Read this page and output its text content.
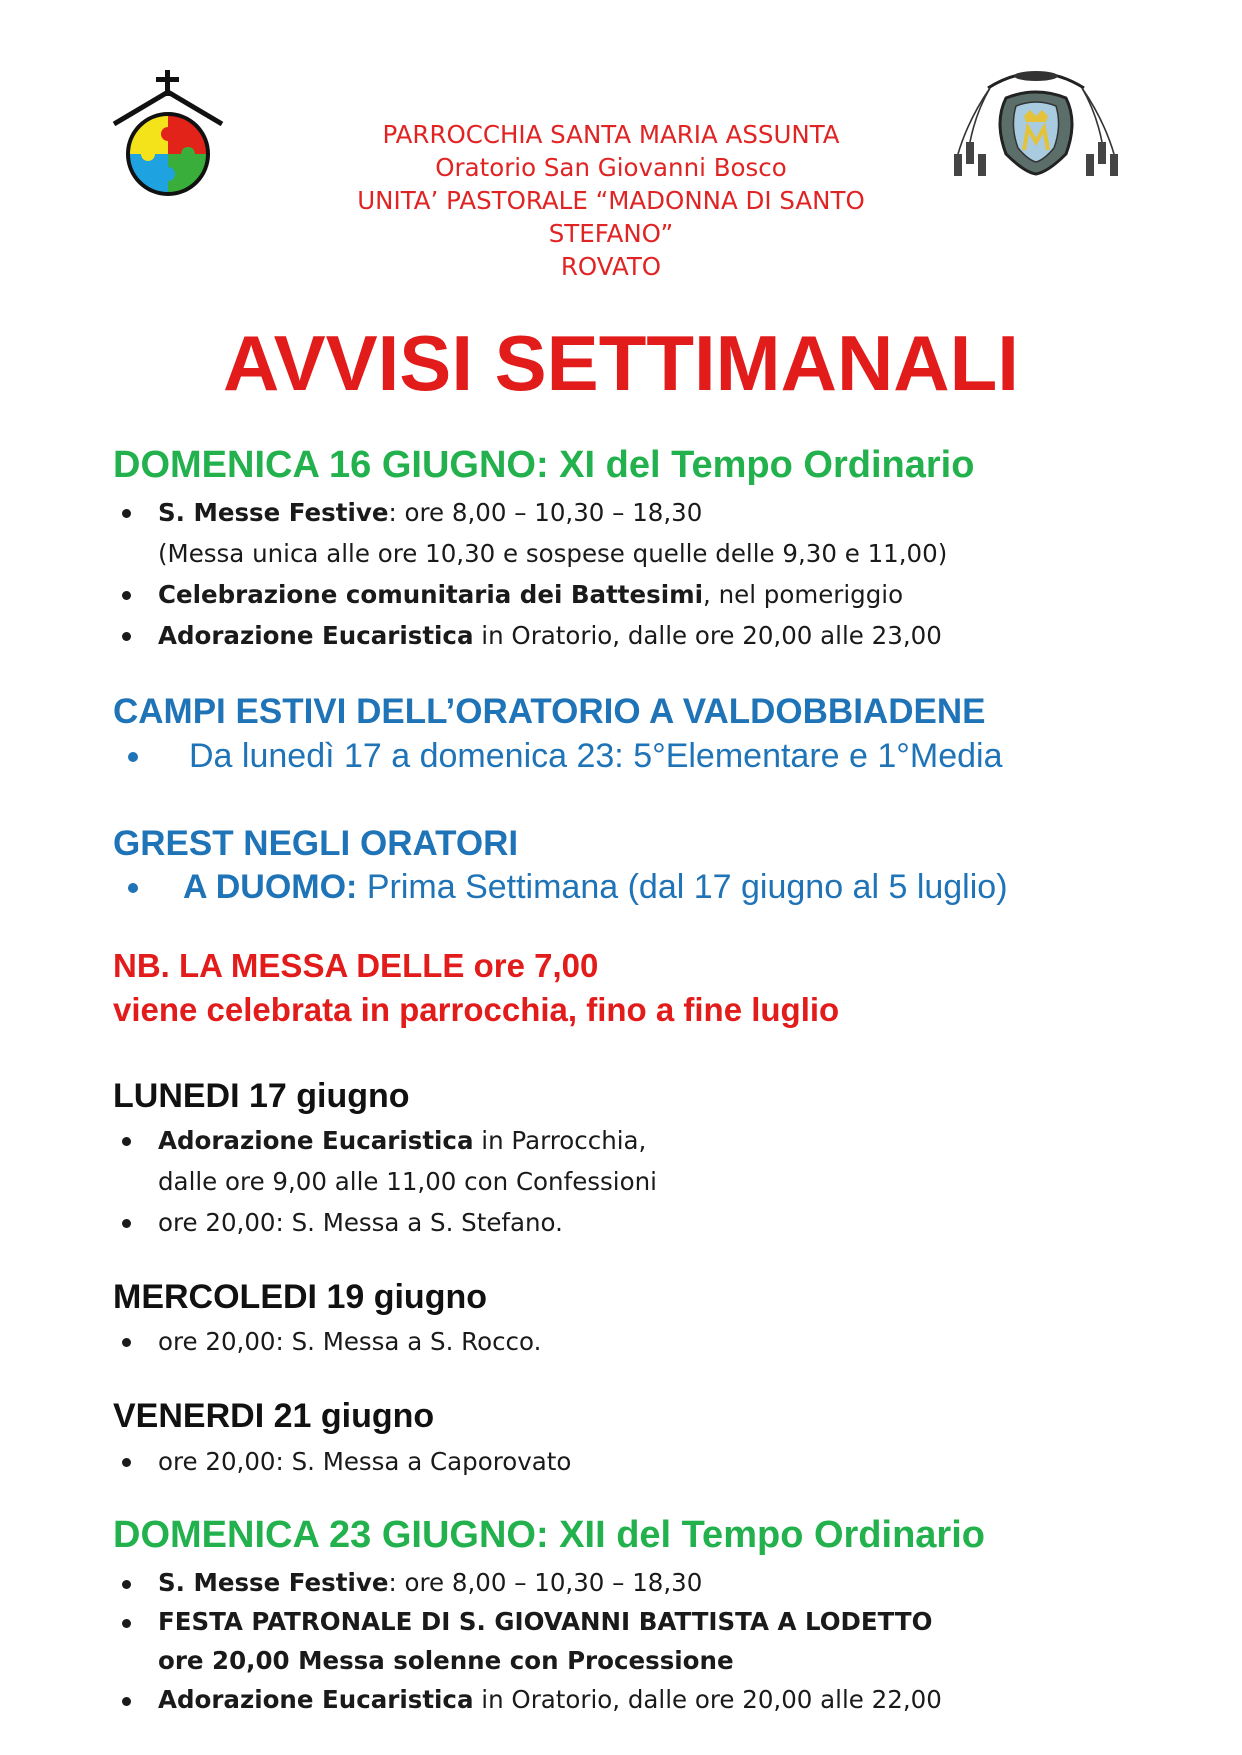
PARROCCHIA SANTA MARIA ASSUNTA
Oratorio San Giovanni Bosco
UNITA’ PASTORALE “MADONNA DI SANTO
STEFANO”
ROVATO
AVVISI SETTIMANALI
DOMENICA 16 GIUGNO: XI del Tempo Ordinario
S. Messe Festive: ore 8,00 – 10,30 – 18,30
(Messa unica alle ore 10,30 e sospese quelle delle 9,30 e 11,00)
Celebrazione comunitaria dei Battesimi, nel pomeriggio
Adorazione Eucaristica in Oratorio, dalle ore 20,00 alle 23,00
CAMPI ESTIVI DELL’ORATORIO A VALDOBBIADENE
Da lunedì 17 a domenica 23: 5°Elementare e 1°Media
GREST NEGLI ORATORI
A DUOMO: Prima Settimana (dal 17 giugno al 5 luglio)
NB. LA MESSA DELLE ore 7,00
viene celebrata in parrocchia, fino a fine luglio
LUNEDI 17 giugno
Adorazione Eucaristica in Parrocchia,
dalle ore 9,00 alle 11,00 con Confessioni
ore 20,00: S. Messa a S. Stefano.
MERCOLEDI 19 giugno
ore 20,00: S. Messa a S. Rocco.
VENERDI 21 giugno
ore 20,00: S. Messa a Caporovato
DOMENICA 23 GIUGNO: XII del Tempo Ordinario
S. Messe Festive: ore 8,00 – 10,30 – 18,30
FESTA PATRONALE DI S. GIOVANNI BATTISTA A LODETTO
ore 20,00 Messa solenne con Processione
Adorazione Eucaristica in Oratorio, dalle ore 20,00 alle 22,00
